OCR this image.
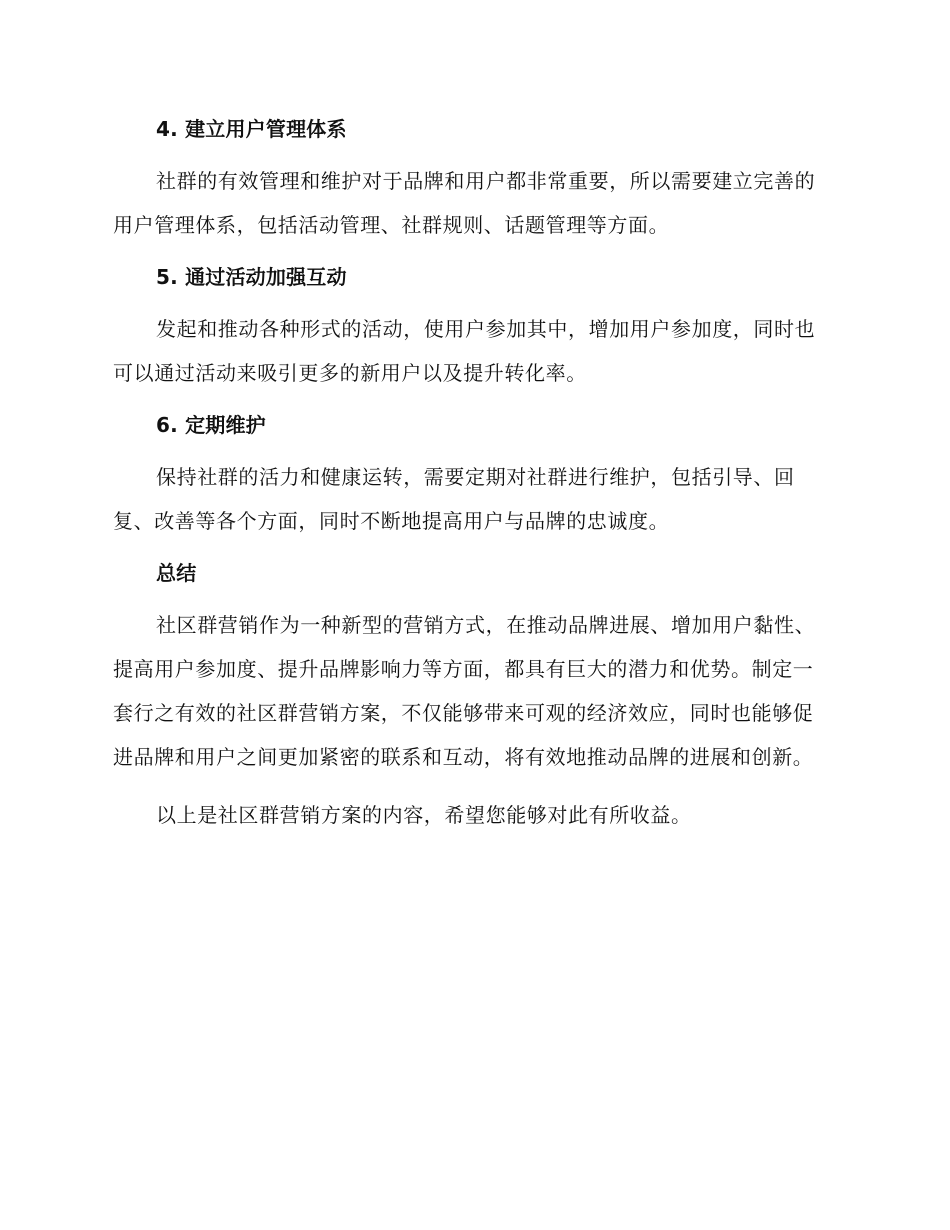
4. 建立用户管理体系

社群的有效管理和维护对于品牌和用户都非常重要，所以需要建立完善的用户管理体系，包括活动管理、社群规则、话题管理等方面。

5. 通过活动加强互动

发起和推动各种形式的活动，使用户参加其中，增加用户参加度，同时也可以通过活动来吸引更多的新用户以及提升转化率。

6. 定期维护

保持社群的活力和健康运转，需要定期对社群进行维护，包括引导、回复、改善等各个方面，同时不断地提高用户与品牌的忠诚度。

总结

社区群营销作为一种新型的营销方式，在推动品牌进展、增加用户黏性、提高用户参加度、提升品牌影响力等方面，都具有巨大的潜力和优势。制定一套行之有效的社区群营销方案，不仅能够带来可观的经济效应，同时也能够促进品牌和用户之间更加紧密的联系和互动，将有效地推动品牌的进展和创新。

以上是社区群营销方案的内容，希望您能够对此有所收益。
